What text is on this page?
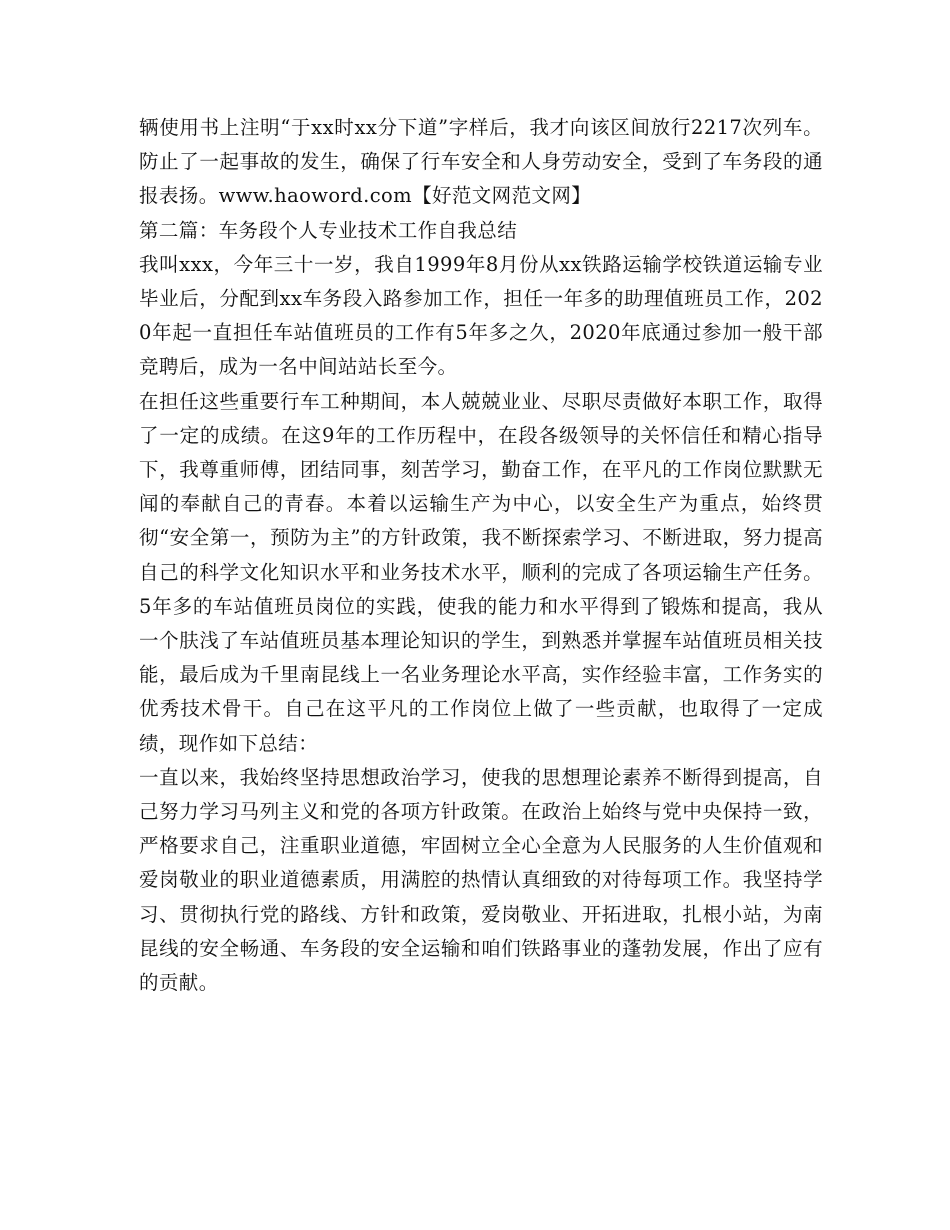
辆使用书上注明“于xx时xx分下道”字样后，我才向该区间放行2217次列车。防止了一起事故的发生，确保了行车安全和人身劳动安全，受到了车务段的通报表扬。www.haoword.com【好范文网范文网】

第二篇：车务段个人专业技术工作自我总结

我叫xxx，今年三十一岁，我自1999年8月份从xx铁路运输学校铁道运输专业毕业后，分配到xx车务段入路参加工作，担任一年多的助理值班员工作，2020年起一直担任车站值班员的工作有5年多之久，2020年底通过参加一般干部竞聘后，成为一名中间站站长至今。

在担任这些重要行车工种期间，本人兢兢业业、尽职尽责做好本职工作，取得了一定的成绩。在这9年的工作历程中，在段各级领导的关怀信任和精心指导下，我尊重师傅，团结同事，刻苦学习，勤奋工作，在平凡的工作岗位默默无闻的奉献自己的青春。本着以运输生产为中心，以安全生产为重点，始终贯彻“安全第一，预防为主”的方针政策，我不断探索学习、不断进取，努力提高自己的科学文化知识水平和业务技术水平，顺利的完成了各项运输生产任务。5年多的车站值班员岗位的实践，使我的能力和水平得到了锻炼和提高，我从一个肤浅了车站值班员基本理论知识的学生，到熟悉并掌握车站值班员相关技能，最后成为千里南昆线上一名业务理论水平高，实作经验丰富，工作务实的优秀技术骨干。自己在这平凡的工作岗位上做了一些贡献，也取得了一定成绩，现作如下总结：

一直以来，我始终坚持思想政治学习，使我的思想理论素养不断得到提高，自己努力学习马列主义和党的各项方针政策。在政治上始终与党中央保持一致，严格要求自己，注重职业道德，牢固树立全心全意为人民服务的人生价值观和爱岗敬业的职业道德素质，用满腔的热情认真细致的对待每项工作。我坚持学习、贯彻执行党的路线、方针和政策，爱岗敬业、开拓进取，扎根小站，为南昆线的安全畅通、车务段的安全运输和咱们铁路事业的蓬勃发展，作出了应有的贡献。
